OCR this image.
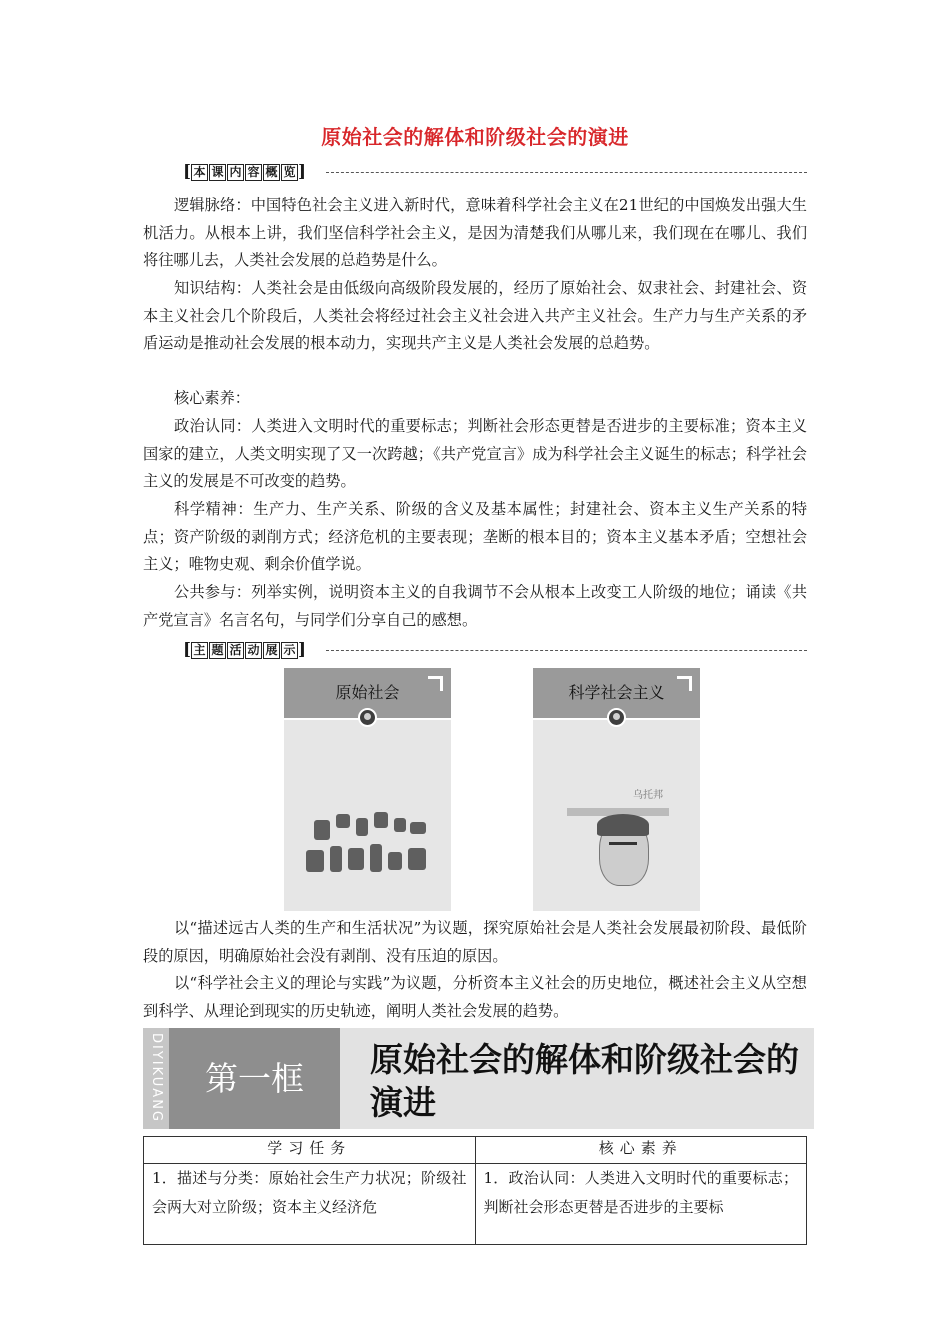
原始社会的解体和阶级社会的演进
[ 本 课 内 容 概 览 ]

逻辑脉络：中国特色社会主义进入新时代，意味着科学社会主义在21世纪的中国焕发出强大生机活力。从根本上讲，我们坚信科学社会主义，是因为清楚我们从哪儿来，我们现在在哪儿、我们将往哪儿去，人类社会发展的总趋势是什么。

知识结构：人类社会是由低级向高级阶段发展的，经历了原始社会、奴隶社会、封建社会、资本主义社会几个阶段后，人类社会将经过社会主义社会进入共产主义社会。生产力与生产关系的矛盾运动是推动社会发展的根本动力，实现共产主义是人类社会发展的总趋势。

核心素养：

政治认同：人类进入文明时代的重要标志；判断社会形态更替是否进步的主要标准；资本主义国家的建立，人类文明实现了又一次跨越；《共产党宣言》成为科学社会主义诞生的标志；科学社会主义的发展是不可改变的趋势。

科学精神：生产力、生产关系、阶级的含义及基本属性；封建社会、资本主义生产关系的特点；资产阶级的剥削方式；经济危机的主要表现；垄断的根本目的；资本主义基本矛盾；空想社会主义；唯物史观、剩余价值学说。

公共参与：列举实例，说明资本主义的自我调节不会从根本上改变工人阶级的地位；诵读《共产党宣言》名言名句，与同学们分享自己的感想。

[ 主 题 活 动 展 示 ]
原始社会	科学社会主义
乌托邦

以“描述远古人类的生产和生活状况”为议题，探究原始社会是人类社会发展最初阶段、最低阶段的原因，明确原始社会没有剥削、没有压迫的原因。

以“科学社会主义的理论与实践”为议题，分析资本主义社会的历史地位，概述社会主义从空想到科学、从理论到现实的历史轨迹，阐明人类社会发展的趋势。

DIYIKUANG	第一框	原始社会的解体和阶级社会的演进
学习任务	核心素养
1．描述与分类：原始社会生产力状况；阶级社会两大对立阶级；资本主义经济危	1．政治认同：人类进入文明时代的重要标志；判断社会形态更替是否进步的主要标
